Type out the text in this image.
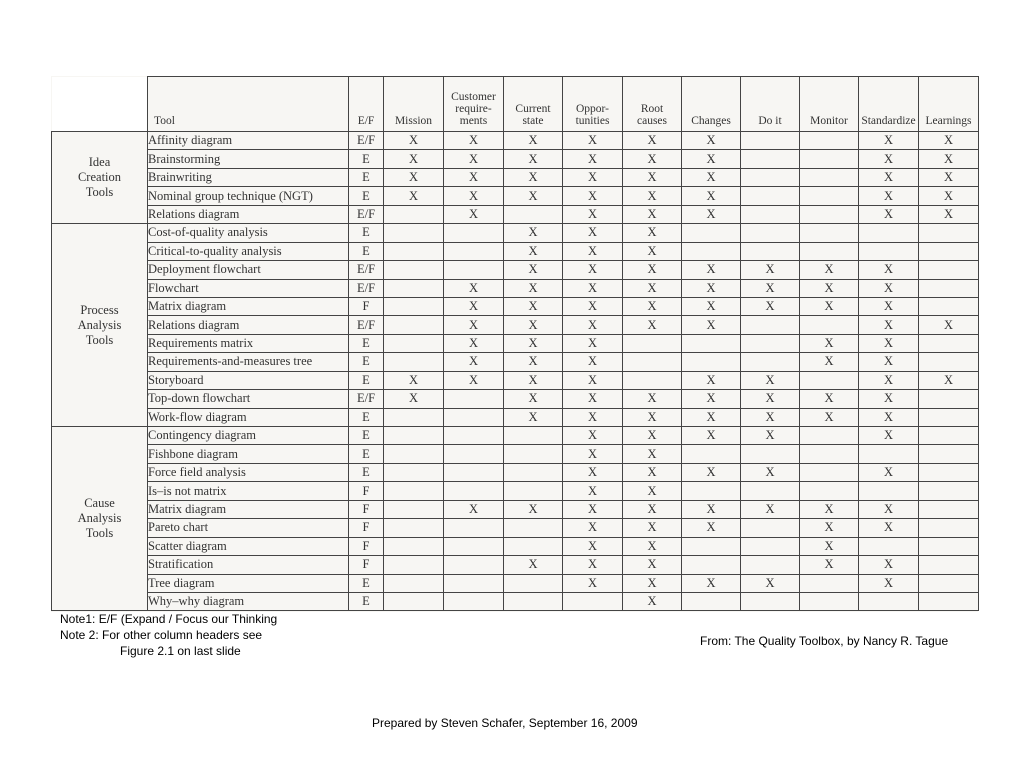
	Tool	E/F	Mission	Customer
require-
ments	Current
state	Oppor-
tunities	Root
causes	Changes	Do it	Monitor	Standardize	Learnings
Idea
Creation
Tools	Affinity diagram	E/F	X	X	X	X	X	X			X	X
	Brainstorming	E	X	X	X	X	X	X			X	X
	Brainwriting	E	X	X	X	X	X	X			X	X
	Nominal group technique (NGT)	E	X	X	X	X	X	X			X	X
	Relations diagram	E/F		X		X	X	X			X	X
Process
Analysis
Tools	Cost-of-quality analysis	E			X	X	X					
	Critical-to-quality analysis	E			X	X	X					
	Deployment flowchart	E/F			X	X	X	X	X	X	X	
	Flowchart	E/F		X	X	X	X	X	X	X	X	
	Matrix diagram	F		X	X	X	X	X	X	X	X	
	Relations diagram	E/F		X	X	X	X	X			X	X
	Requirements matrix	E		X	X	X				X	X	
	Requirements-and-measures tree	E		X	X	X				X	X	
	Storyboard	E	X	X	X	X		X	X		X	X
	Top-down flowchart	E/F	X		X	X	X	X	X	X	X	
	Work-flow diagram	E			X	X	X	X	X	X	X	
Cause
Analysis
Tools	Contingency diagram	E				X	X	X	X		X	
	Fishbone diagram	E				X	X					
	Force field analysis	E				X	X	X	X		X	
	Is–is not matrix	F				X	X					
	Matrix diagram	F		X	X	X	X	X	X	X	X	
	Pareto chart	F				X	X	X		X	X	
	Scatter diagram	F				X	X			X		
	Stratification	F			X	X	X			X	X	
	Tree diagram	E				X	X	X	X		X	
	Why–why diagram	E					X					
Note1: E/F (Expand / Focus our Thinking
Note 2: For other column headers see
Figure 2.1 on last slide
From: The Quality Toolbox, by Nancy R. Tague
Prepared by Steven Schafer, September 16, 2009
